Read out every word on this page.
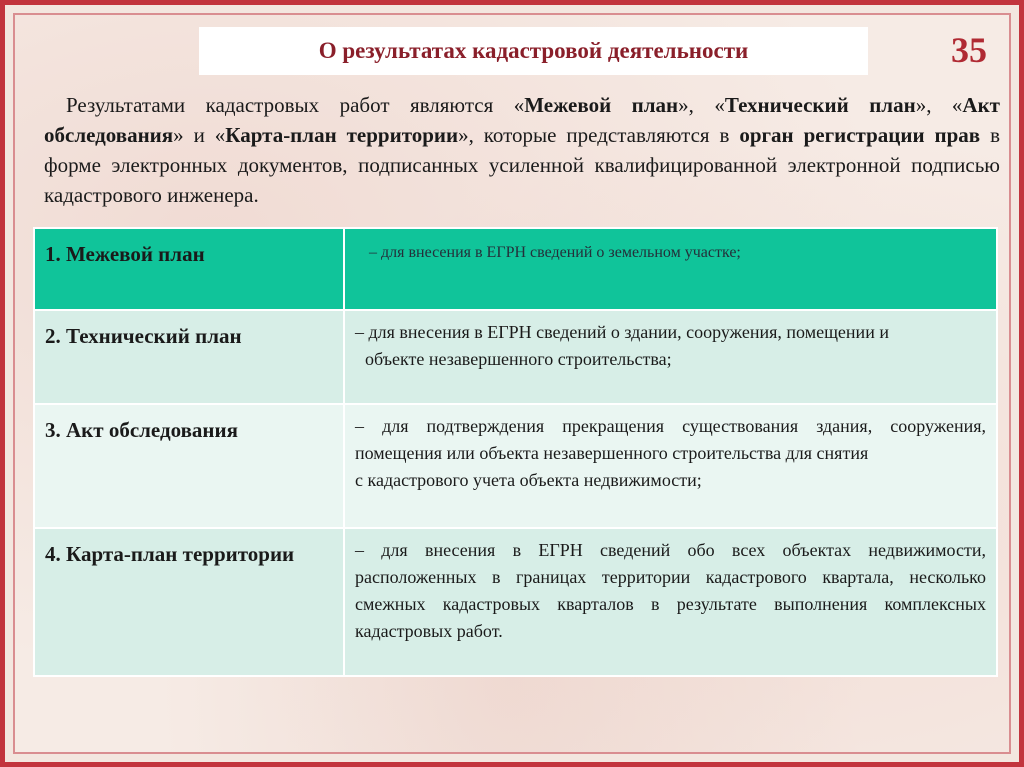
О результатах кадастровой деятельности	35

Результатами кадастровых работ являются «Межевой план», «Технический план», «Акт обследования» и «Карта-план территории», которые представляются в орган регистрации прав в форме электронных документов, подписанных усиленной квалифицированной электронной подписью кадастрового инженера.

1. Межевой план	– для внесения в ЕГРН сведений о земельном участке;

2. Технический план	– для внесения в ЕГРН сведений о здании, сооружения, помещении и
объекте незавершенного строительства;

3. Акт обследования	– для подтверждения прекращения существования здания, сооружения, помещения или объекта незавершенного строительства для снятия
с кадастрового учета объекта недвижимости;

4. Карта-план территории	– для внесения в ЕГРН сведений обо всех объектах недвижимости, расположенных в границах территории кадастрового квартала, несколько смежных кадастровых кварталов в результате выполнения комплексных кадастровых работ.
